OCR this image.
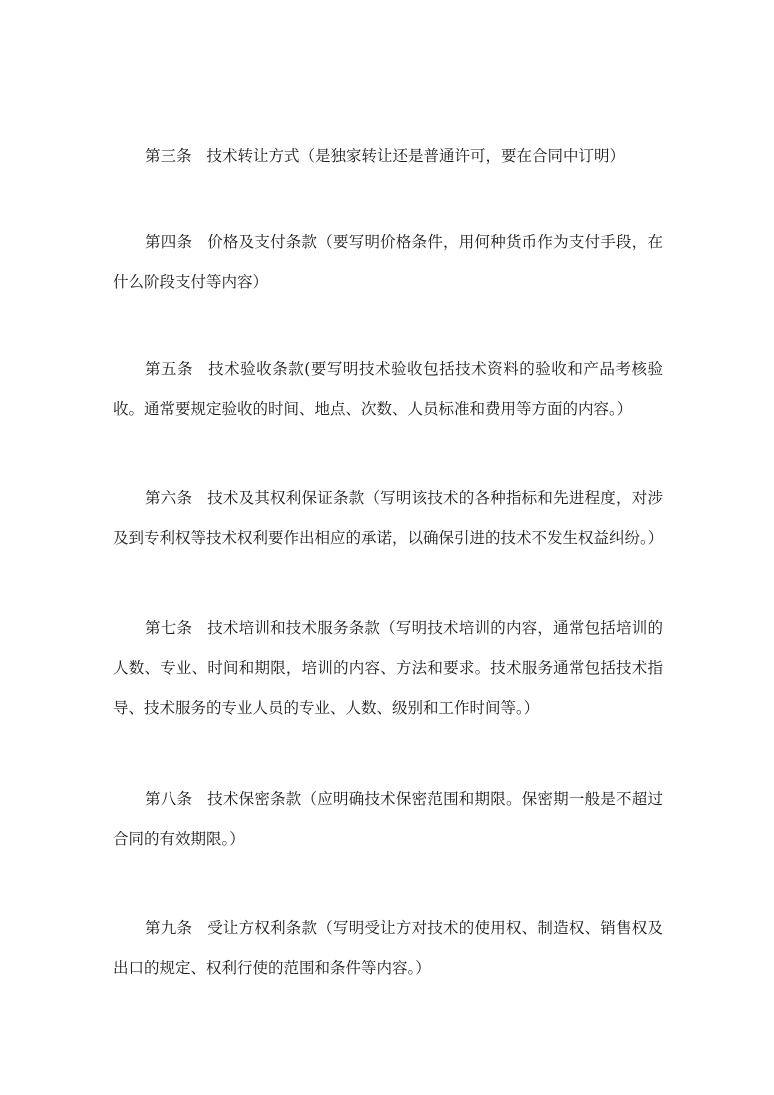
第三条 技术转让方式（是独家转让还是普通许可，要在合同中订明）

第四条 价格及支付条款（要写明价格条件，用何种货币作为支付手段，在什么阶段支付等内容）

第五条 技术验收条款(要写明技术验收包括技术资料的验收和产品考核验收。通常要规定验收的时间、地点、次数、人员标准和费用等方面的内容。）

第六条 技术及其权利保证条款（写明该技术的各种指标和先进程度，对涉及到专利权等技术权利要作出相应的承诺，以确保引进的技术不发生权益纠纷。）

第七条 技术培训和技术服务条款（写明技术培训的内容，通常包括培训的人数、专业、时间和期限，培训的内容、方法和要求。技术服务通常包括技术指导、技术服务的专业人员的专业、人数、级别和工作时间等。）

第八条 技术保密条款（应明确技术保密范围和期限。保密期一般是不超过合同的有效期限。）

第九条 受让方权利条款（写明受让方对技术的使用权、制造权、销售权及出口的规定、权利行使的范围和条件等内容。）
